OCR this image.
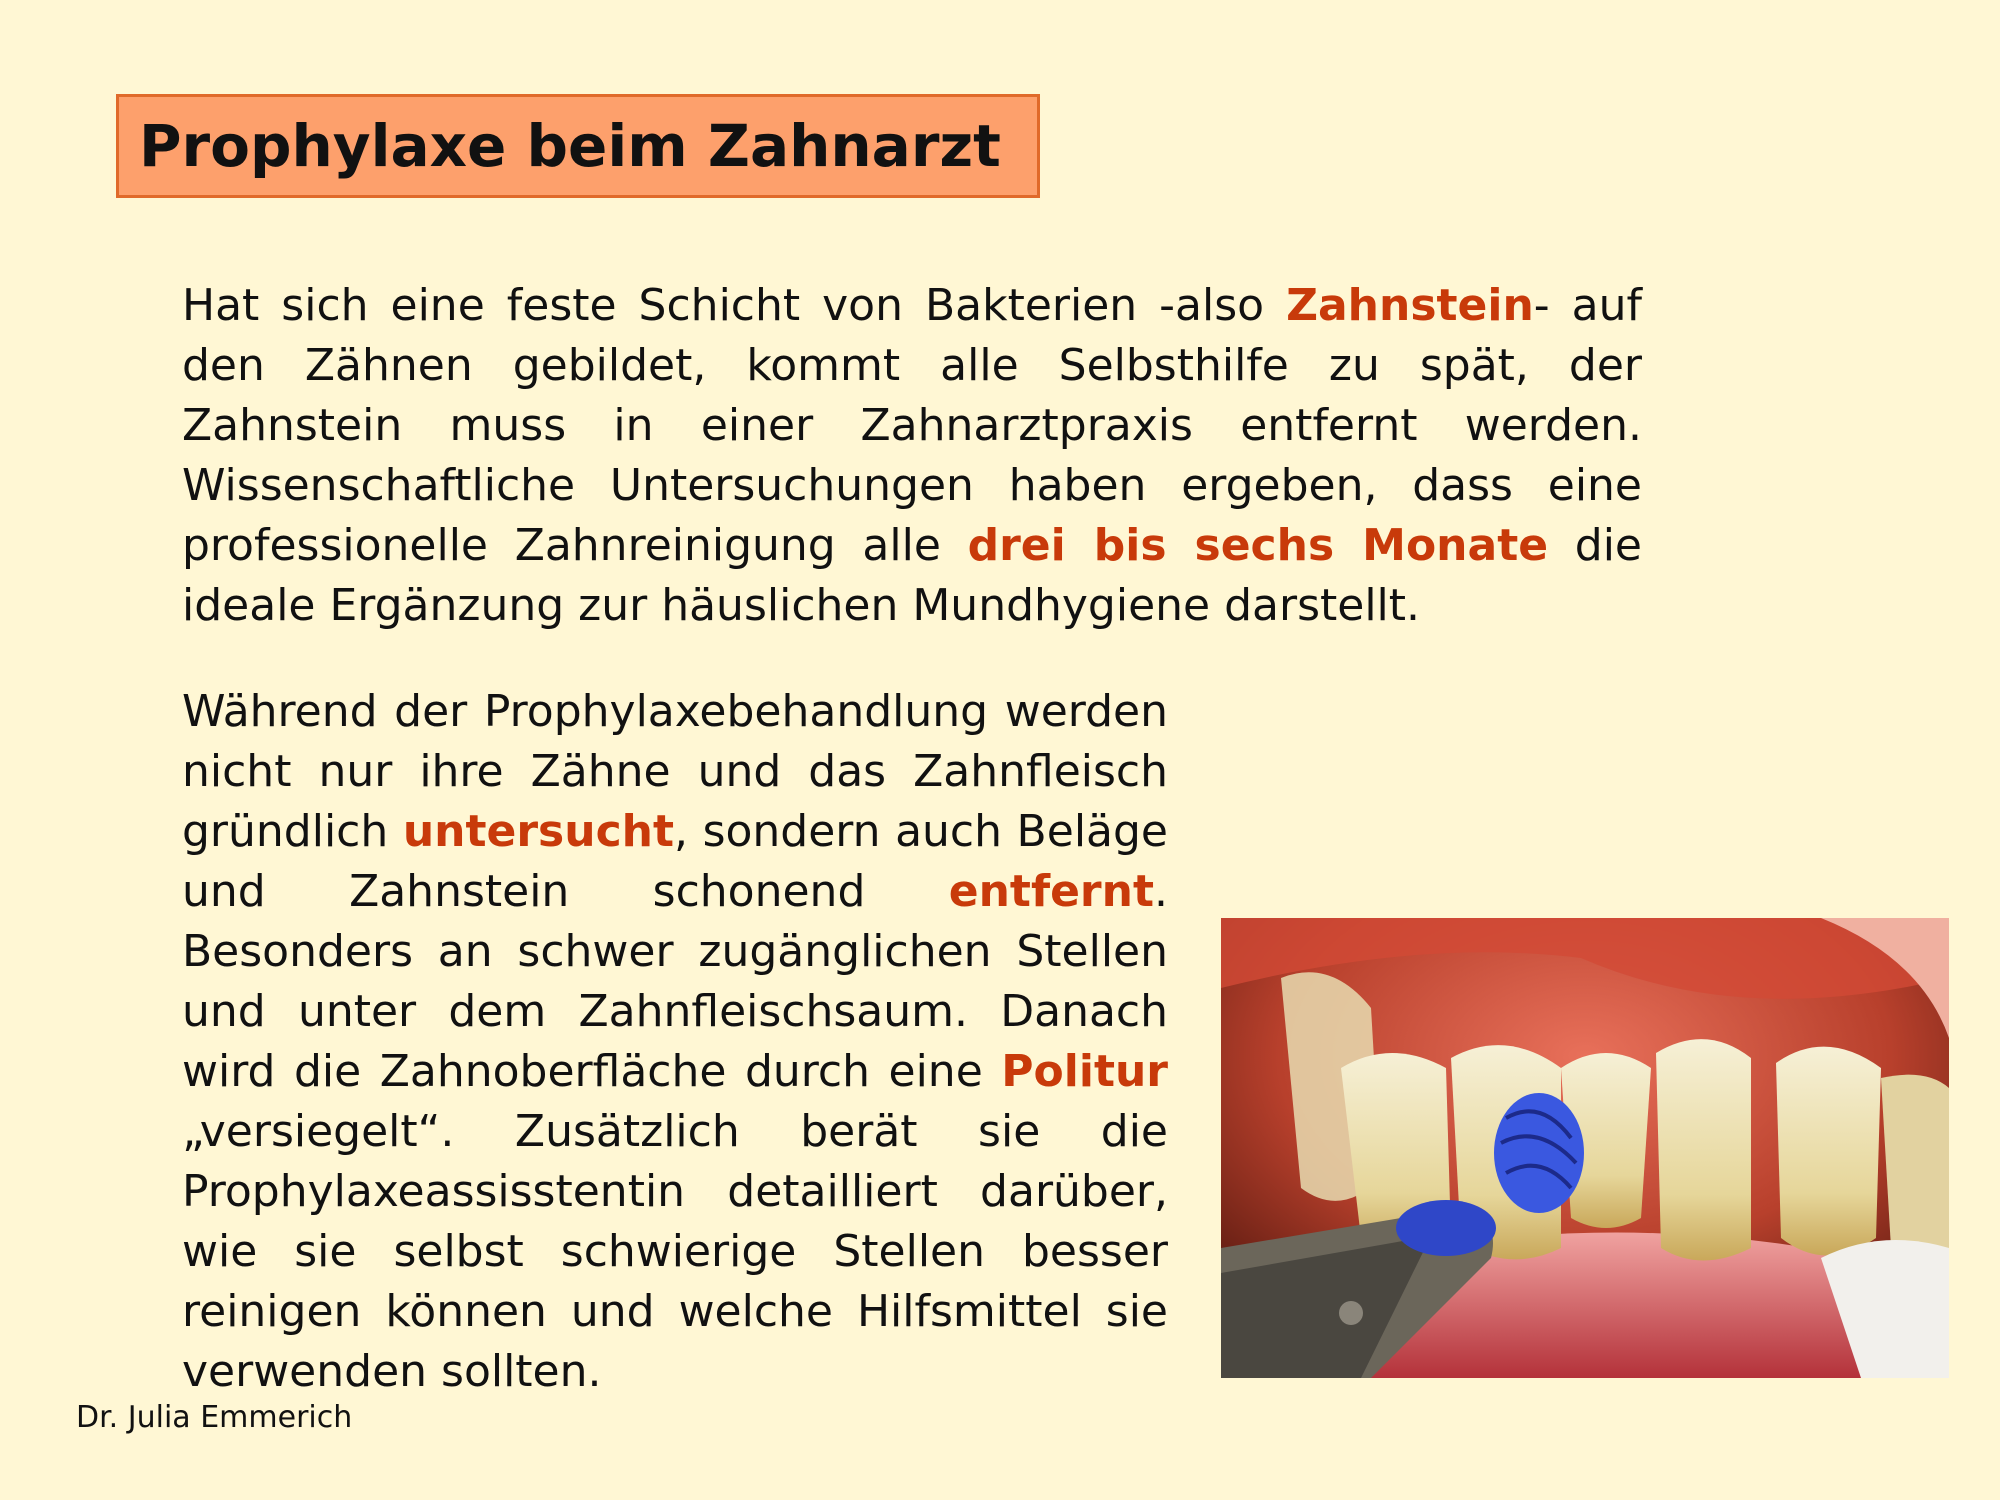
Prophylaxe beim Zahnarzt

Hat sich eine feste Schicht von Bakterien -also Zahnstein- auf den Zähnen gebildet, kommt alle Selbsthilfe zu spät, der Zahnstein muss in einer Zahnarztpraxis entfernt werden. Wissenschaftliche Untersuchungen haben ergeben, dass eine professionelle Zahnreinigung alle drei bis sechs Monate die ideale Ergänzung zur häuslichen Mundhygiene darstellt.

Während der Prophylaxebehandlung werden nicht nur ihre Zähne und das Zahnfleisch gründlich untersucht, sondern auch Beläge und Zahnstein schonend entfernt. Besonders an schwer zugänglichen Stellen und unter dem Zahnfleischsaum. Danach wird die Zahnoberfläche durch eine Politur „versiegelt“. Zusätzlich berät sie die Prophylaxeassisstentin detailliert darüber, wie sie selbst schwierige Stellen besser reinigen können und welche Hilfsmittel sie verwenden sollten.

Dr. Julia Emmerich
